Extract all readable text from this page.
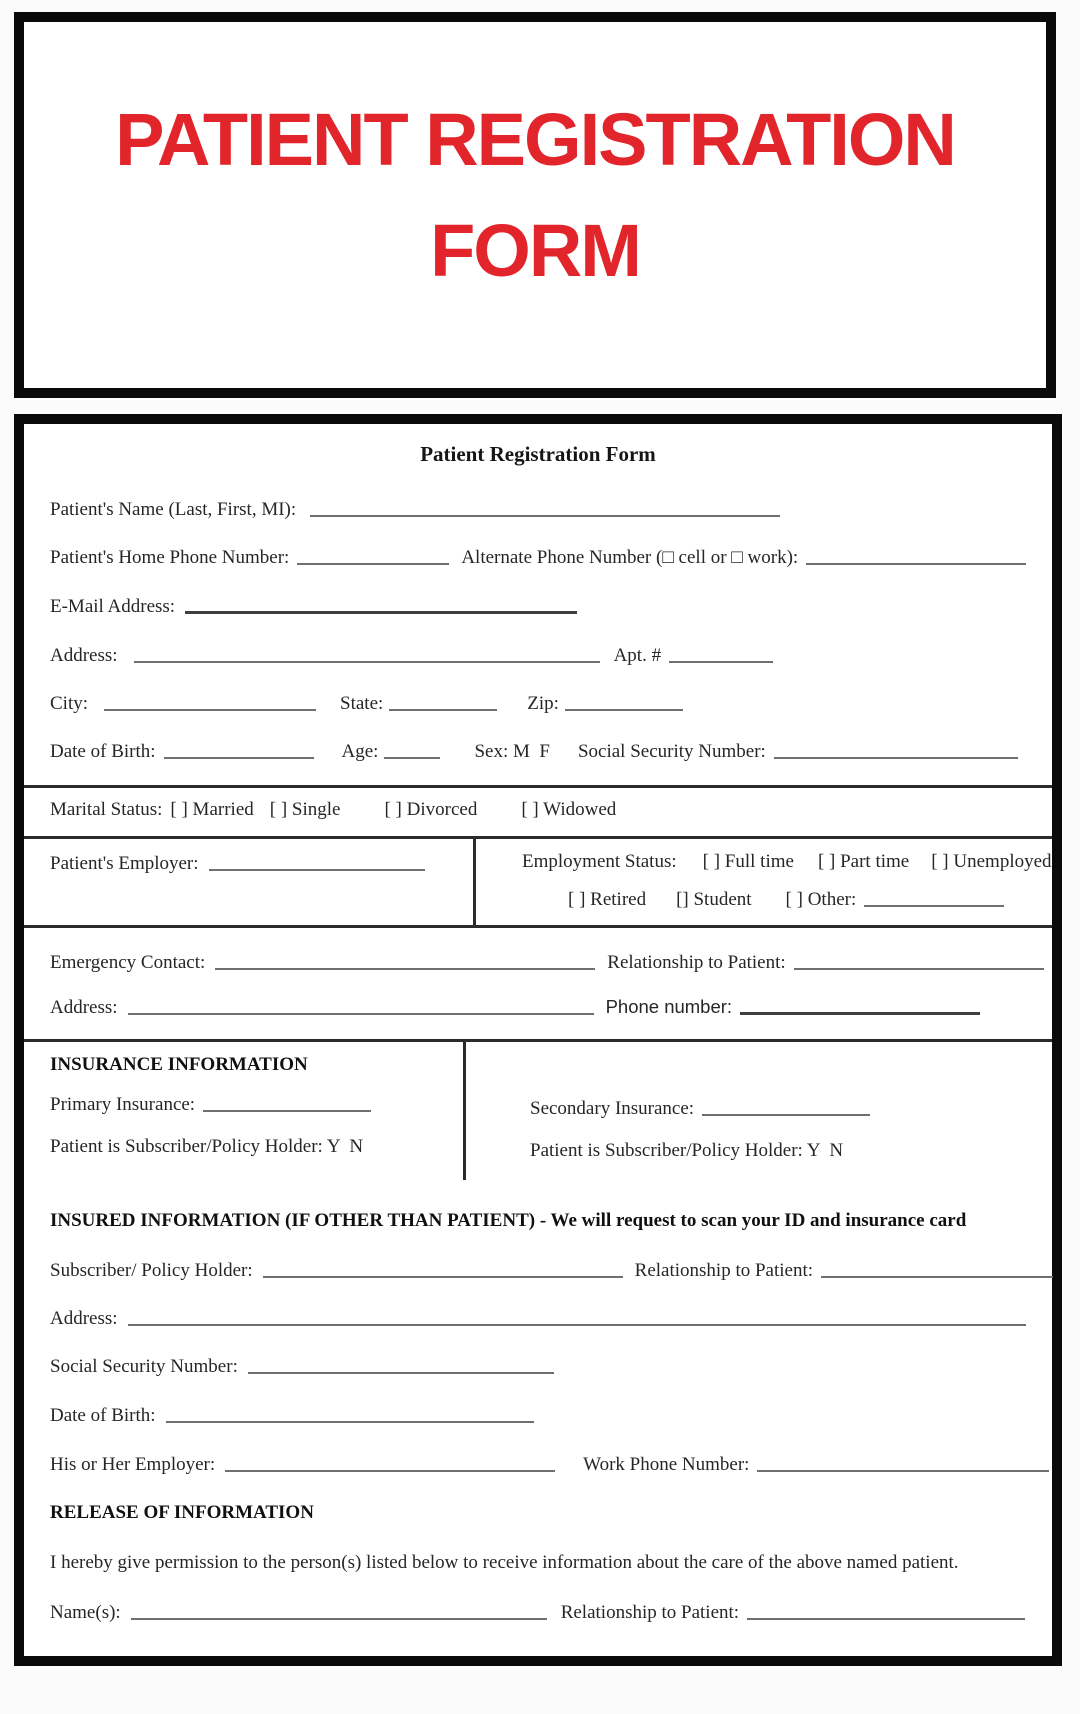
PATIENT REGISTRATION
FORM
Patient Registration Form
Patient's Name (Last, First, MI):
Patient's Home Phone Number:	Alternate Phone Number (□ cell or □ work):
E-Mail Address:
Address:	Apt. #
City:	State:	Zip:
Date of Birth:	Age:	Sex: M  F Social Security Number:
Marital Status: [ ] Married [ ] Single [ ] Divorced [ ] Widowed
Patient's Employer:	Employment Status: [ ] Full time [ ] Part time [ ] Unemployed
[ ] Retired [] Student [ ] Other:
Emergency Contact:	Relationship to Patient:
Address:	Phone number:
INSURANCE INFORMATION
Primary Insurance:
Patient is Subscriber/Policy Holder: Y  N
Secondary Insurance:
Patient is Subscriber/Policy Holder: Y  N
INSURED INFORMATION (IF OTHER THAN PATIENT) - We will request to scan your ID and insurance card
Subscriber/ Policy Holder:	Relationship to Patient:
Address:
Social Security Number:
Date of Birth:
His or Her Employer:	Work Phone Number:
RELEASE OF INFORMATION
I hereby give permission to the person(s) listed below to receive information about the care of the above named patient.
Name(s):	Relationship to Patient:
